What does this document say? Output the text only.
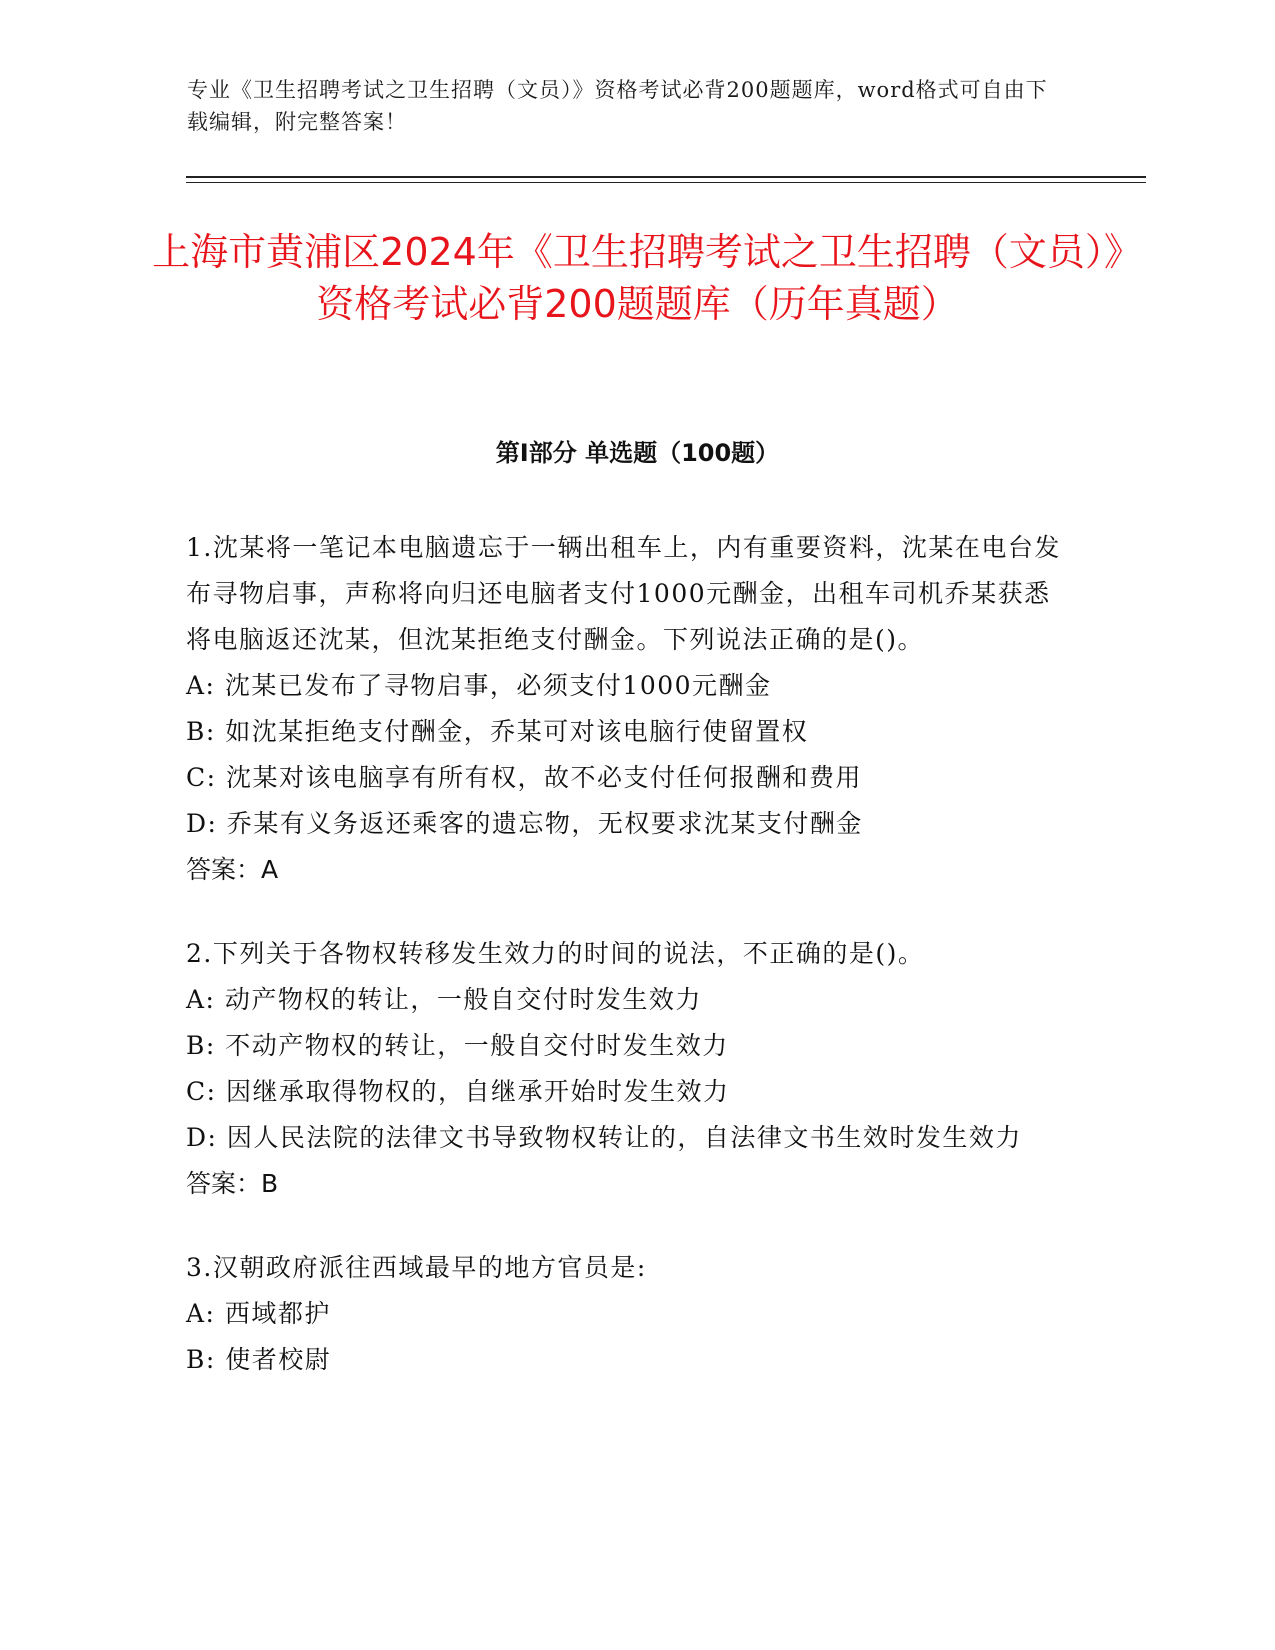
专业《卫生招聘考试之卫生招聘（文员）》资格考试必背200题题库，word格式可自由下载编辑，附完整答案！
上海市黄浦区2024年《卫生招聘考试之卫生招聘（文员）》资格考试必背200题题库（历年真题）
第Ⅰ部分 单选题（100题）

1.沈某将一笔记本电脑遗忘于一辆出租车上，内有重要资料，沈某在电台发布寻物启事，声称将向归还电脑者支付1000元酬金，出租车司机乔某获悉将电脑返还沈某，但沈某拒绝支付酬金。下列说法正确的是()。

A: 沈某已发布了寻物启事，必须支付1000元酬金

B: 如沈某拒绝支付酬金，乔某可对该电脑行使留置权

C: 沈某对该电脑享有所有权，故不必支付任何报酬和费用

D: 乔某有义务返还乘客的遗忘物，无权要求沈某支付酬金

答案：A

2.下列关于各物权转移发生效力的时间的说法，不正确的是()。

A: 动产物权的转让，一般自交付时发生效力

B: 不动产物权的转让，一般自交付时发生效力

C: 因继承取得物权的，自继承开始时发生效力

D: 因人民法院的法律文书导致物权转让的，自法律文书生效时发生效力

答案：B

3.汉朝政府派往西域最早的地方官员是:

A: 西域都护

B: 使者校尉
